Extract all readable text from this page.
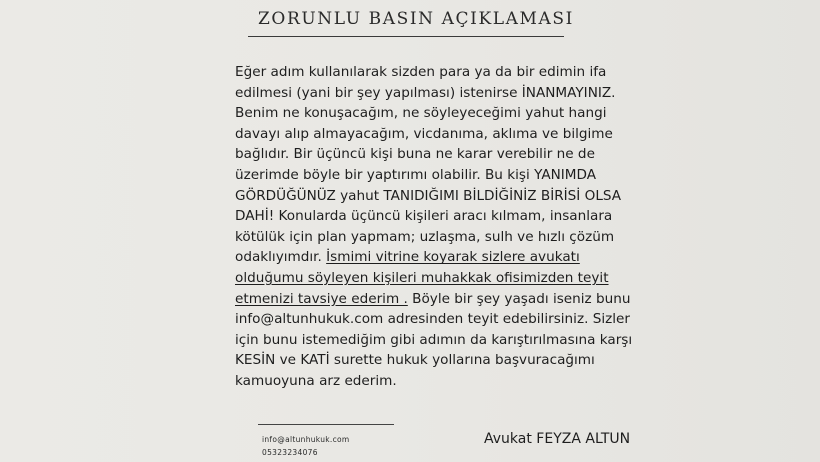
ZORUNLU BASIN AÇIKLAMASI
Eğer adım kullanılarak sizden para ya da bir edimin ifa
edilmesi (yani bir şey yapılması) istenirse İNANMAYINIZ.
Benim ne konuşacağım, ne söyleyeceğimi yahut hangi
davayı alıp almayacağım, vicdanıma, aklıma ve bilgime
bağlıdır. Bir üçüncü kişi buna ne karar verebilir ne de
üzerimde böyle bir yaptırımı olabilir. Bu kişi YANIMDA
GÖRDÜĞÜNÜZ yahut TANIDIĞIMI BİLDİĞİNİZ BİRİSİ OLSA
DAHİ! Konularda üçüncü kişileri aracı kılmam, insanlara
kötülük için plan yapmam; uzlaşma, sulh ve hızlı çözüm
odaklıyımdır. İsmimi vitrine koyarak sizlere avukatı
olduğumu söyleyen kişileri muhakkak ofisimizden teyit
etmenizi tavsiye ederim . Böyle bir şey yaşadı iseniz bunu
info@altunhukuk.com adresinden teyit edebilirsiniz. Sizler
için bunu istemediğim gibi adımın da karıştırılmasına karşı
KESİN ve KATİ surette hukuk yollarına başvuracağımı
kamuoyuna arz ederim.
info@altunhukuk.com
05323234076
Avukat FEYZA ALTUN
